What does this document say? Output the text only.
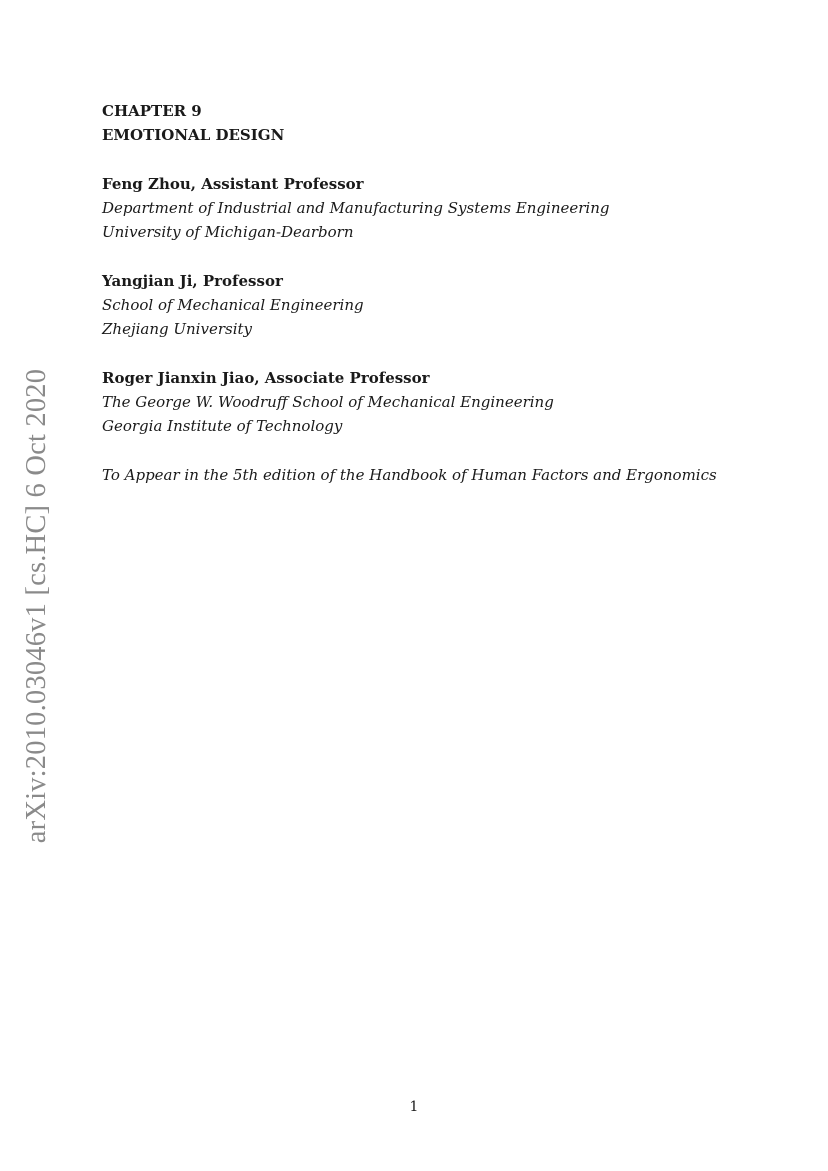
arXiv:2010.03046v1 [cs.HC] 6 Oct 2020
CHAPTER 9
EMOTIONAL DESIGN
Feng Zhou, Assistant Professor
Department of Industrial and Manufacturing Systems Engineering
University of Michigan-Dearborn
Yangjian Ji, Professor
School of Mechanical Engineering
Zhejiang University
Roger Jianxin Jiao, Associate Professor
The George W. Woodruff School of Mechanical Engineering
Georgia Institute of Technology
To Appear in the 5th edition of the Handbook of Human Factors and Ergonomics
1
